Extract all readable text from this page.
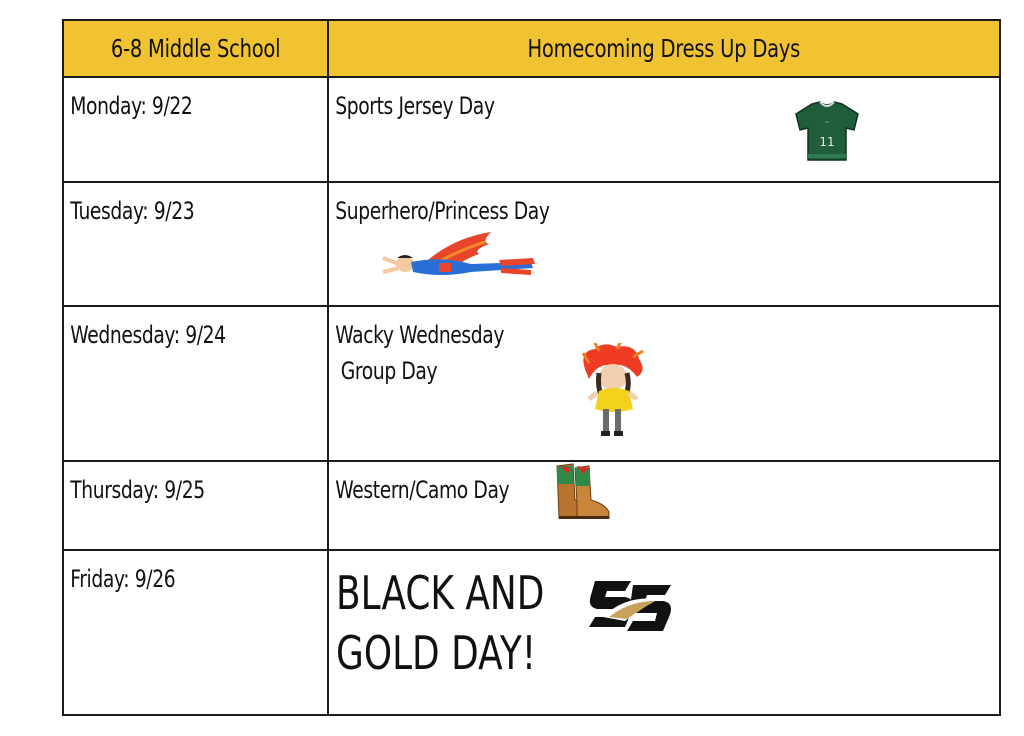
6-8 Middle School	Homecoming Dress Up Days

Monday: 9/22	Sports Jersey Day
11
~

Tuesday: 9/23	Superhero/Princess Day

Wednesday: 9/24	Wacky Wednesday
Group Day

Thursday: 9/25	Western/Camo Day

Friday: 9/26	BLACK AND
GOLD DAY!
